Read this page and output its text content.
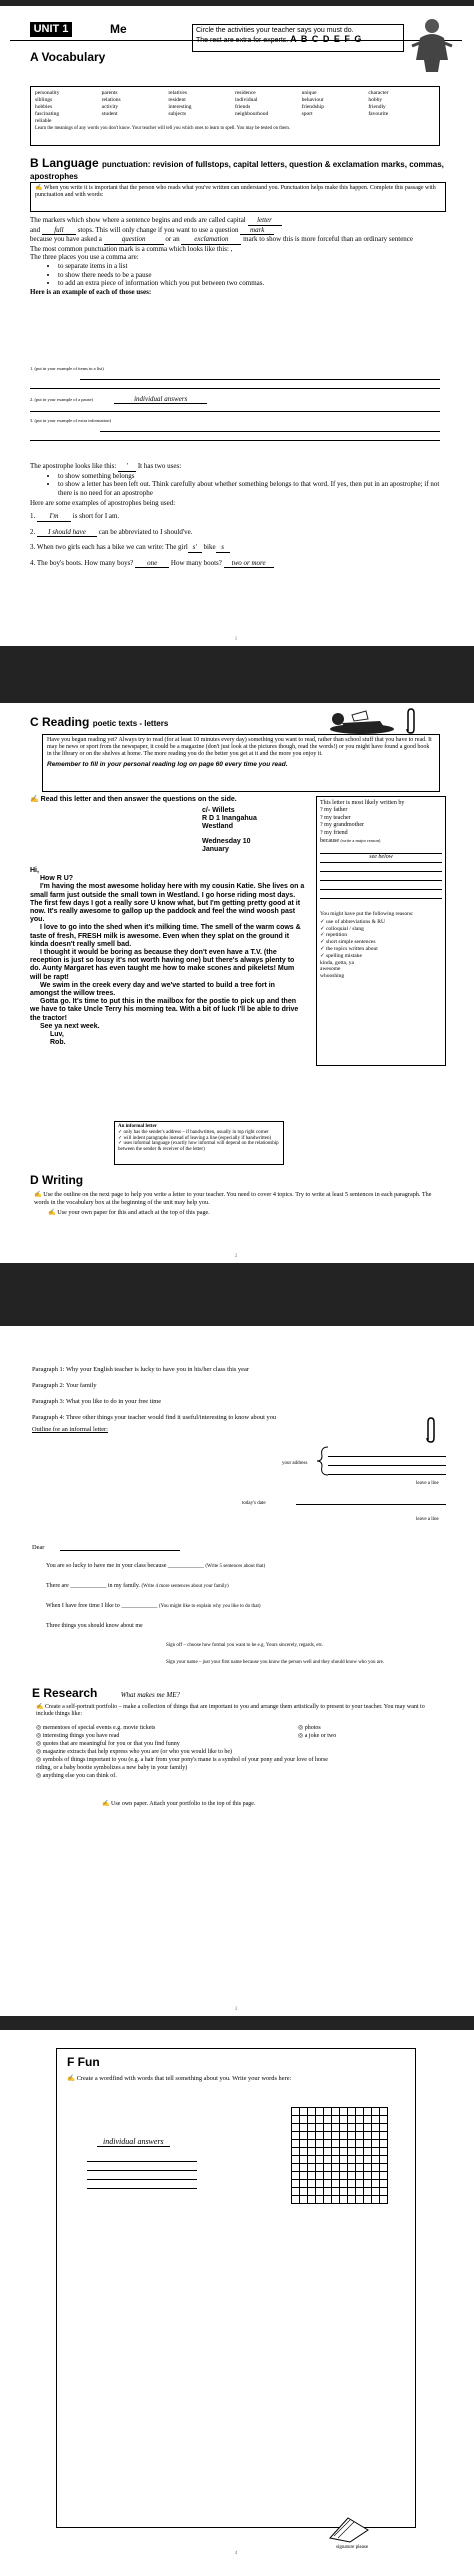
UNIT 1	Me	Circle the activities your teacher says you must do.
The rest are extra for experts. A B C D E F G
A Vocabulary
personality	parents	relatives	residence	unique	character
siblings	relations	resident	individual	behaviour	hobby
hobbies	activity	interesting	friends	friendship	friendly
fascinating	student	subjects	neighbourhood	sport	favourite
reliable
Learn the meanings of any words you don't know. Your teacher will tell you which ones to learn to spell. You may be tested on them.
B Language punctuation: revision of fullstops, capital letters, question & exclamation marks, commas, apostrophes
✍ When you write it is important that the person who reads what you've written can understand you. Punctuation helps make this happen. Complete this passage with punctuation and with words:
The markers which show where a sentence begins and ends are called capital letter
and full stops. This will only change if you want to use a question mark
because you have asked a	question	or an exclamation mark to show this is more forceful than an ordinary sentence
The most common punctuation mark is a comma which looks like this: ,
The three places you use a comma are:
• to separate items in a list
• to show there needs to be a pause
• to add an extra piece of information which you put between two commas.
Here is an example of each of those uses:
1. (put in your example of items in a list)
2. (put in your example of a pause)	individual answers
3. (put in your example of extra information)
The apostrophe looks like this: ' It has two uses:
• to show something belongs
• to show a letter has been left out. Think carefully about whether something belongs to that word. If yes, then put in an apostrophe; if not there is no need for an apostrophe
Here are some examples of apostrophes being used:
1. I'm is short for I am.
2. I should have can be abbreviated to I should've.
3. When two girls each has a bike we can write: The girl s' bike s
4. The boy's boots. How many boys? one How many boots? two or more
1
C Reading poetic texts - letters
Have you begun reading yet? Always try to read (for at least 10 minutes every day) something you want to read, rather than school stuff that you have to read. It may be news or sport from the newspaper, it could be a magazine (don't just look at the pictures though, read the words!) or you might have found a good book in the library or on the shelves at home. The more reading you do the better you get at it and the more you enjoy it.
Remember to fill in your personal reading log on page 60 every time you read.
✍ Read this letter and then answer the questions on the side.
c/- Willets
R D 1 Inangahua
Westland
Wednesday 10
January
Hi,
How R U?
I'm having the most awesome holiday here with my cousin Katie. She lives on a small farm just outside the small town in Westland. I go horse riding most days. The first few days I got a really sore U know what, but I'm getting pretty good at it now. It's really awesome to gallop up the paddock and feel the wind woosh past you.
I love to go into the shed when it's milking time. The smell of the warm cows & taste of fresh, FRESH milk is awesome. Even when they splat on the ground it kinda doesn't really smell bad.
I thought it would be boring as because they don't even have a T.V. (the reception is just so lousy it's not worth having one) but there's always plenty to do. Aunty Margaret has even taught me how to make scones and pikelets! Mum will be rapt!
We swim in the creek every day and we've started to build a tree fort in amongst the willow trees.
Gotta go. It's time to put this in the mailbox for the postie to pick up and then we have to take Uncle Terry his morning tea. With a bit of luck I'll be able to drive the tractor!
See ya next week.
Luv,
Rob.
An informal letter
✓ only has the sender's address – if handwritten, usually in top right corner
✓ will indent paragraphs instead of leaving a line (especially if handwritten)
✓ uses informal language (exactly how informal will depend on the relationship between the sender & receiver of the letter)
This letter is most likely written by
? my father
? my teacher
? my grandmother
? my friend
because (write a major reason)
see below
You might have put the following reasons:
✓ use of abbreviations & RU
✓ colloquial / slang
✓ repetition
✓ short simple sentences
✓ the topics written about
✓ spelling mistake
kinda, gotta, ya
awesome
whooshing
D Writing
✍ Use the outline on the next page to help you write a letter to your teacher. You need to cover 4 topics. Try to write at least 5 sentences in each paragraph. The words in the vocabulary box at the beginning of the unit may help you.
✍ Use your own paper for this and attach at the top of this page.
2
Paragraph 1: Why your English teacher is lucky to have you in his/her class this year
Paragraph 2: Your family
Paragraph 3: What you like to do in your free time
Paragraph 4: Three other things your teacher would find it useful/interesting to know about you
Outline for an informal letter:
your address
leave a line
today's date
leave a line
Dear
You are so lucky to have me in your class because ____________ (Write 5 sentences about that)
There are ____________ in my family. (Write 4 more sentences about your family)
When I have free time I like to ____________ (You might like to explain why you like to do that)
Three things you should know about me
Sign off – choose how formal you want to be e.g. Yours sincerely, regards, etc.
Sign your name – just your first name because you know the person well and they should know who you are.
E Research	What makes me ME?
✍ Create a self-portrait portfolio – make a collection of things that are important to you and arrange them artistically to present to your teacher. You may want to include things like:
◎ mementoes of special events e.g. movie tickets
◎ interesting things you have read
◎ quotes that are meaningful for you or that you find funny
◎ magazine extracts that help express who you are (or who you would like to be)
◎ symbols of things important to you (e.g. a hair from your pony's mane is a symbol of your pony and your love of horse riding, or a baby bootie symbolizes a new baby in your family)
◎ anything else you can think of.
◎ photos
◎ a joke or two
✍ Use own paper. Attach your portfolio to the top of this page.
3
F Fun
✍ Create a wordfind with words that tell something about you. Write your words here:
individual answers
signature please
4
